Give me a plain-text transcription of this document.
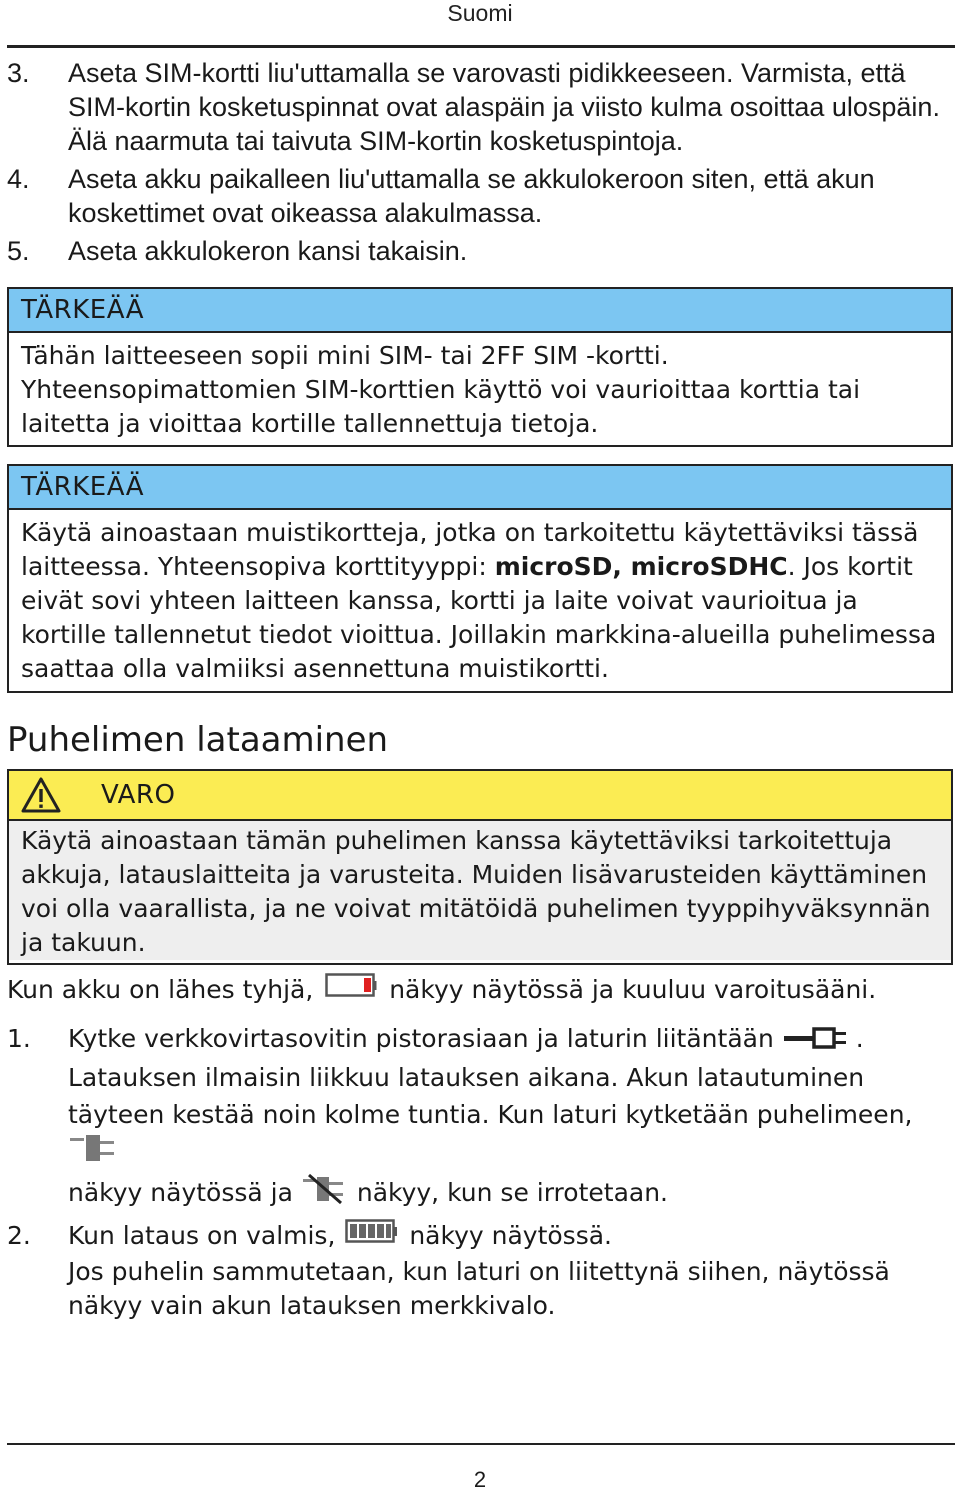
Suomi
3.	Aseta SIM-kortti liu'uttamalla se varovasti pidikkeeseen. Varmista, että SIM-kortin kosketuspinnat ovat alaspäin ja viisto kulma osoittaa ulospäin. Älä naarmuta tai taivuta SIM-kortin kosketuspintoja.
4.	Aseta akku paikalleen liu'uttamalla se akkulokeroon siten, että akun koskettimet ovat oikeassa alakulmassa.
5.	Aseta akkulokeron kansi takaisin.
TÄRKEÄÄ
Tähän laitteeseen sopii mini SIM- tai 2FF SIM -kortti.
Yhteensopimattomien SIM-korttien käyttö voi vaurioittaa korttia tai laitetta ja vioittaa kortille tallennettuja tietoja.
TÄRKEÄÄ
Käytä ainoastaan muistikortteja, jotka on tarkoitettu käytettäviksi tässä laitteessa. Yhteensopiva korttityyppi: microSD, microSDHC. Jos kortit eivät sovi yhteen laitteen kanssa, kortti ja laite voivat vaurioitua ja kortille tallennetut tiedot vioittua. Joillakin markkina-alueilla puhelimessa saattaa olla valmiiksi asennettuna muistikortti.
Puhelimen lataaminen
VARO
Käytä ainoastaan tämän puhelimen kanssa käytettäviksi tarkoitettuja akkuja, latauslaitteita ja varusteita. Muiden lisävarusteiden käyttäminen voi olla vaarallista, ja ne voivat mitätöidä puhelimen tyyppihyväksynnän ja takuun.
Kun akku on lähes tyhjä,	näkyy näytössä ja kuuluu varoitusääni.
1.	Kytke verkkovirtasovitin pistorasiaan ja laturin liitäntään	. Latauksen ilmaisin liikkuu latauksen aikana. Akun latautuminen täyteen kestää noin kolme tuntia. Kun laturi kytketään puhelimeen,
näkyy näytössä ja	näkyy, kun se irrotetaan.
2.	Kun lataus on valmis,	näkyy näytössä.

Jos puhelin sammutetaan, kun laturi on liitettynä siihen, näytössä näkyy vain akun latauksen merkkivalo.
2
